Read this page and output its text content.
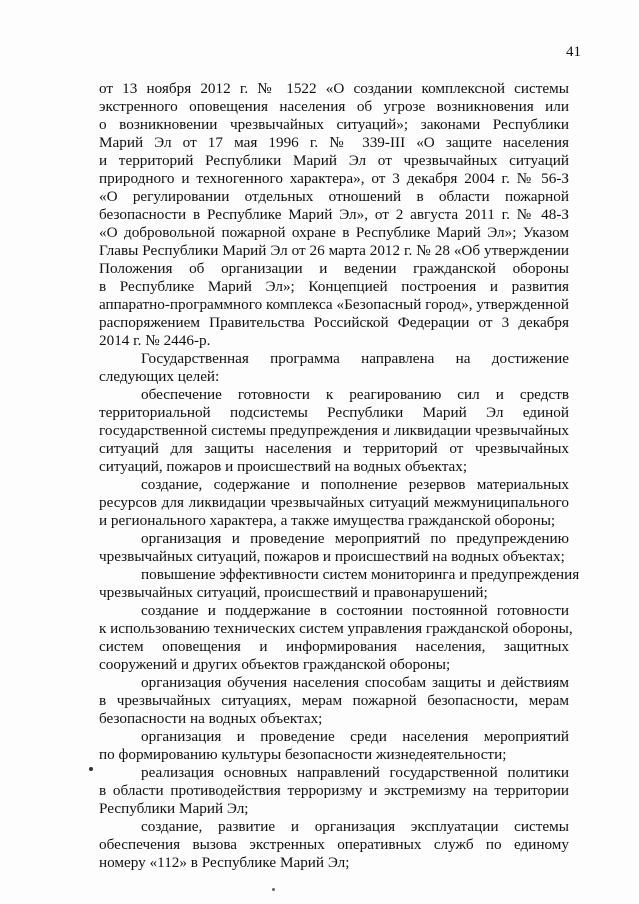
41
от 13 ноября 2012 г. № 1522 «О создании комплексной системы
экстренного оповещения населения об угрозе возникновения или
о возникновении чрезвычайных ситуаций»; законами Республики
Марий Эл от 17 мая 1996 г. № 339-III «О защите населения
и территорий Республики Марий Эл от чрезвычайных ситуаций
природного и техногенного характера», от 3 декабря 2004 г. № 56-З
«О регулировании отдельных отношений в области пожарной
безопасности в Республике Марий Эл», от 2 августа 2011 г. № 48-З
«О добровольной пожарной охране в Республике Марий Эл»; Указом
Главы Республики Марий Эл от 26 марта 2012 г. № 28 «Об утверждении
Положения об организации и ведении гражданской обороны
в Республике Марий Эл»; Концепцией построения и развития
аппаратно-программного комплекса «Безопасный город», утвержденной
распоряжением Правительства Российской Федерации от 3 декабря
2014 г. № 2446-р.
Государственная программа направлена на достижение
следующих целей:
обеспечение готовности к реагированию сил и средств
территориальной подсистемы Республики Марий Эл единой
государственной системы предупреждения и ликвидации чрезвычайных
ситуаций для защиты населения и территорий от чрезвычайных
ситуаций, пожаров и происшествий на водных объектах;
создание, содержание и пополнение резервов материальных
ресурсов для ликвидации чрезвычайных ситуаций межмуниципального
и регионального характера, а также имущества гражданской обороны;
организация и проведение мероприятий по предупреждению
чрезвычайных ситуаций, пожаров и происшествий на водных объектах;
повышение эффективности систем мониторинга и предупреждения
чрезвычайных ситуаций, происшествий и правонарушений;
создание и поддержание в состоянии постоянной готовности
к использованию технических систем управления гражданской обороны,
систем оповещения и информирования населения, защитных
сооружений и других объектов гражданской обороны;
организация обучения населения способам защиты и действиям
в чрезвычайных ситуациях, мерам пожарной безопасности, мерам
безопасности на водных объектах;
организация и проведение среди населения мероприятий
по формированию культуры безопасности жизнедеятельности;
реализация основных направлений государственной политики
в области противодействия терроризму и экстремизму на территории
Республики Марий Эл;
создание, развитие и организация эксплуатации системы
обеспечения вызова экстренных оперативных служб по единому
номеру «112» в Республике Марий Эл;
